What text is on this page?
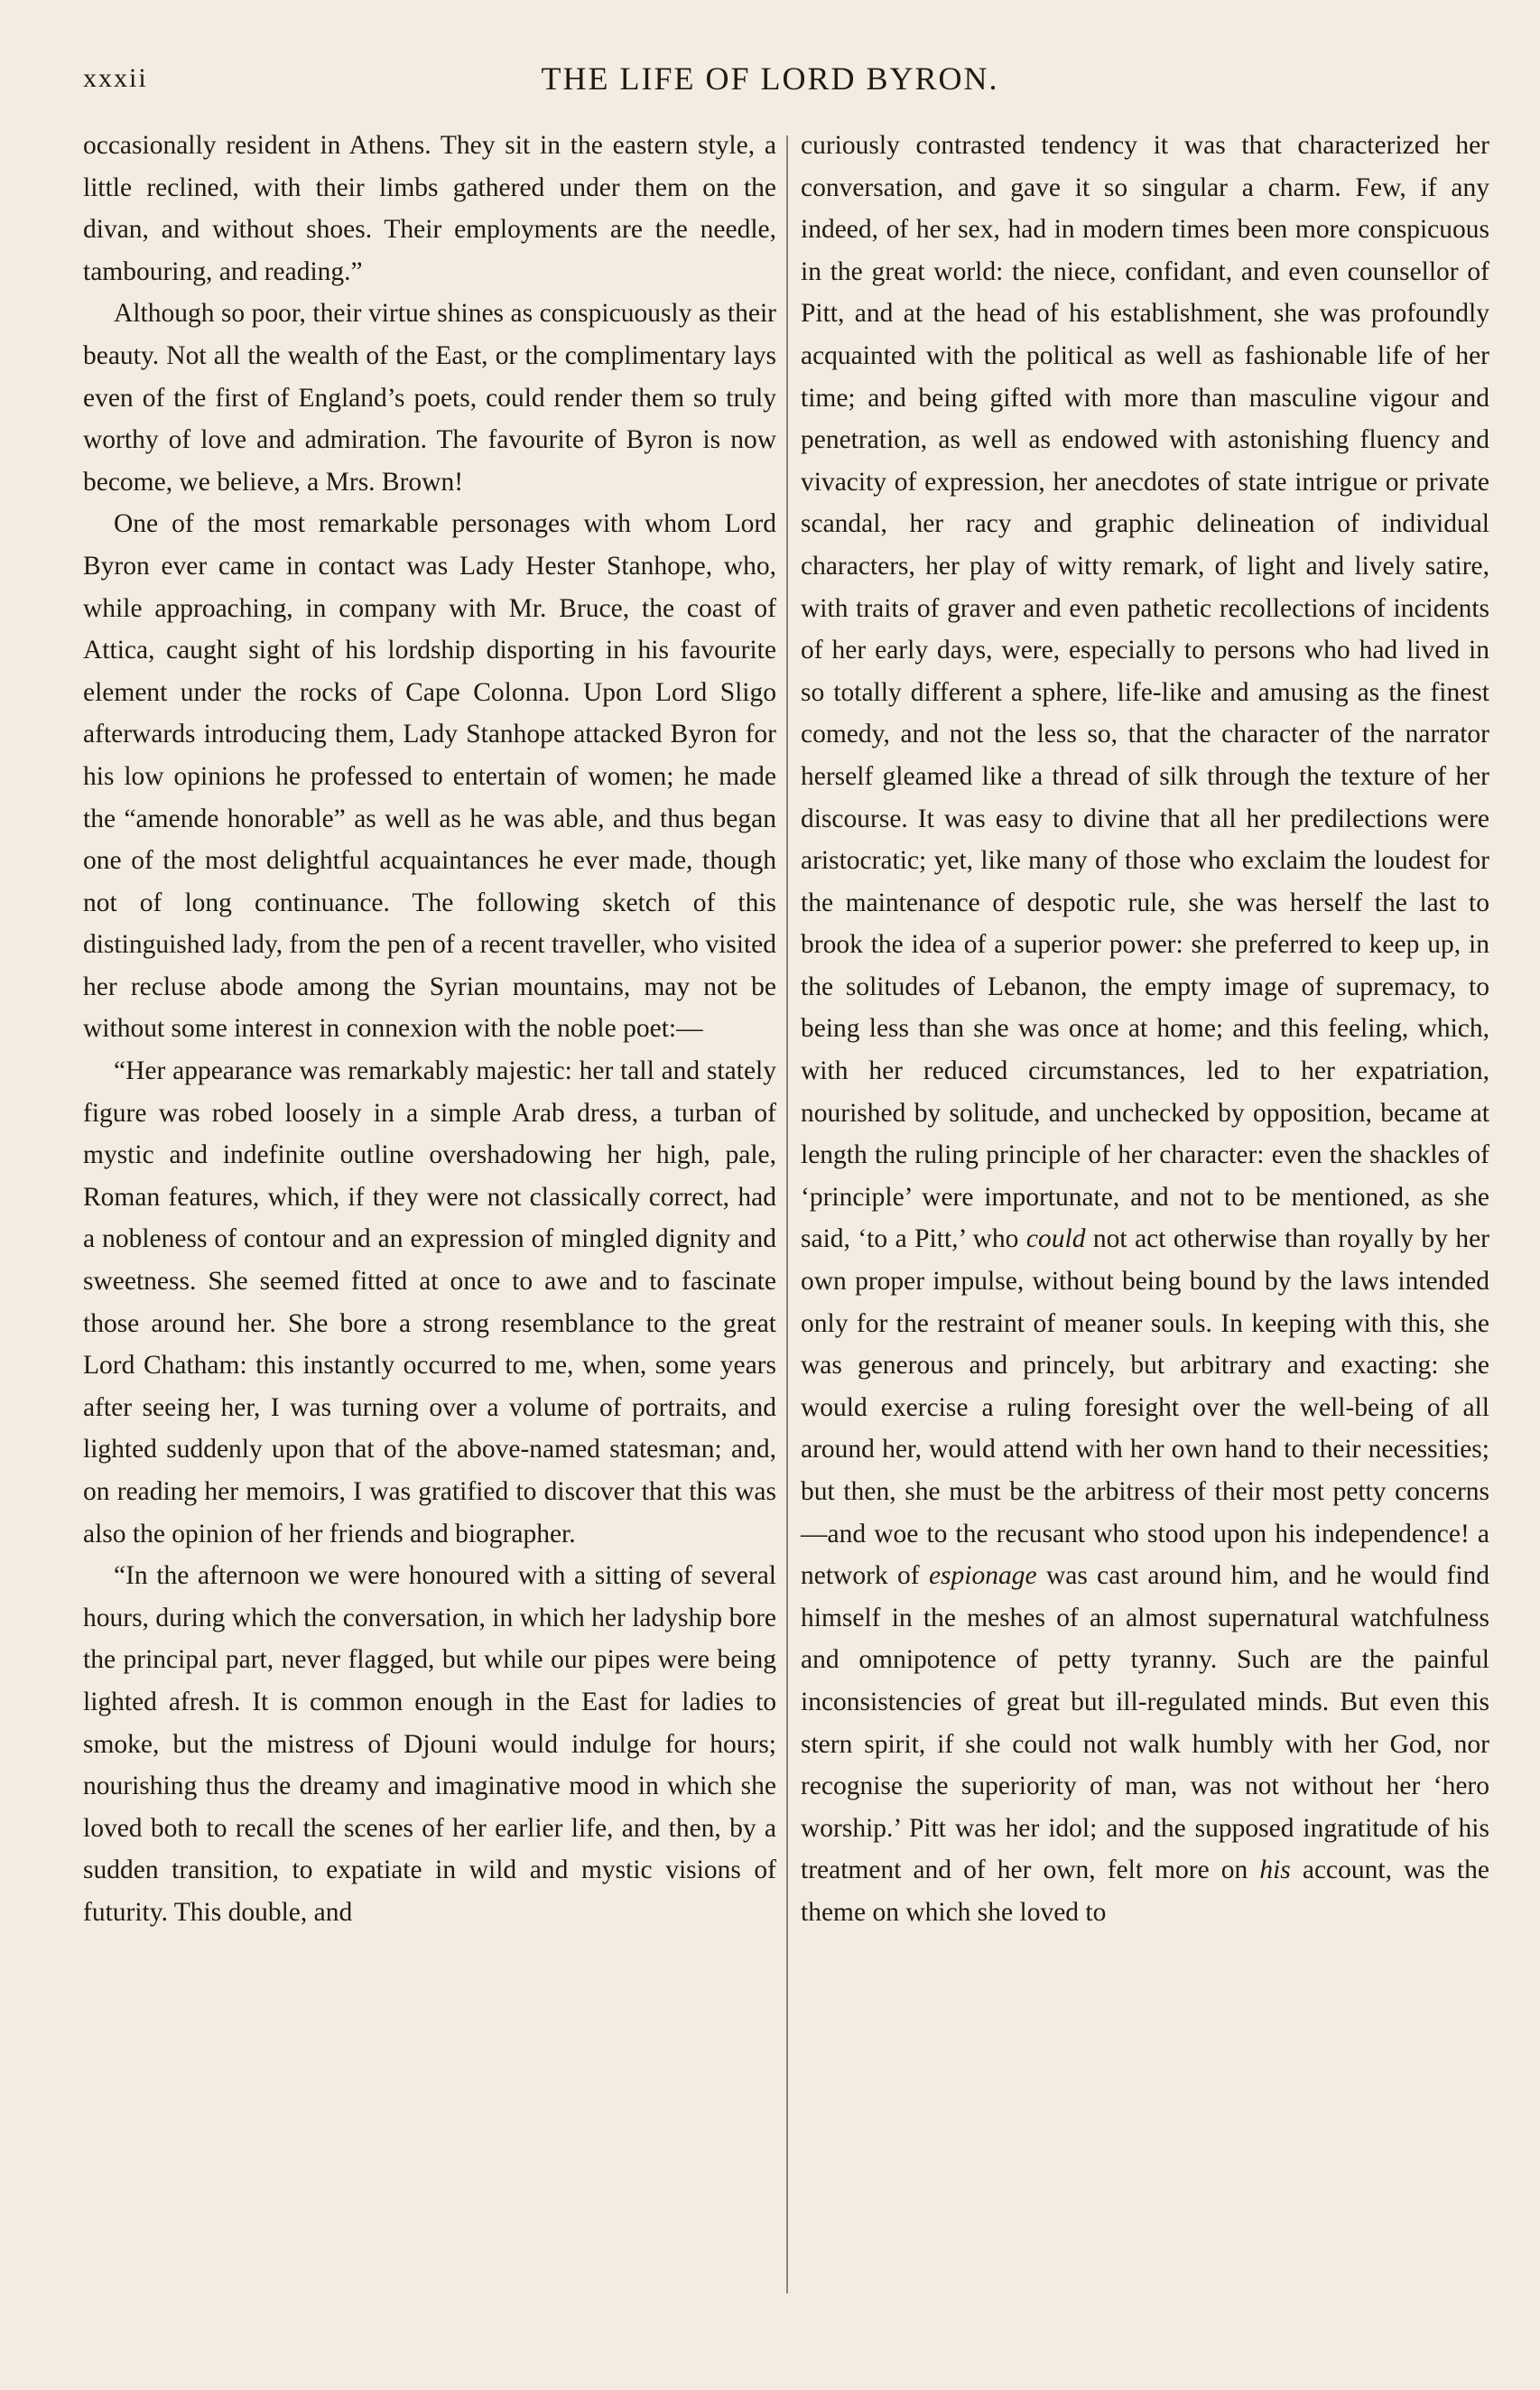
xxxii	THE LIFE OF LORD BYRON.

occasionally resident in Athens. They sit in the eastern style, a little reclined, with their limbs gathered under them on the divan, and without shoes. Their employments are the needle, tambouring, and reading.”

Although so poor, their virtue shines as conspicuously as their beauty. Not all the wealth of the East, or the complimentary lays even of the first of England’s poets, could render them so truly worthy of love and admiration. The favourite of Byron is now become, we believe, a Mrs. Brown!

One of the most remarkable personages with whom Lord Byron ever came in contact was Lady Hester Stanhope, who, while approaching, in company with Mr. Bruce, the coast of Attica, caught sight of his lordship disporting in his favourite element under the rocks of Cape Colonna. Upon Lord Sligo afterwards introducing them, Lady Stanhope attacked Byron for his low opinions he professed to entertain of women; he made the “amende honorable” as well as he was able, and thus began one of the most delightful acquaintances he ever made, though not of long continuance. The following sketch of this distinguished lady, from the pen of a recent traveller, who visited her recluse abode among the Syrian mountains, may not be without some interest in connexion with the noble poet:—

“Her appearance was remarkably majestic: her tall and stately figure was robed loosely in a simple Arab dress, a turban of mystic and indefinite outline overshadowing her high, pale, Roman features, which, if they were not classically correct, had a nobleness of contour and an expression of mingled dignity and sweetness. She seemed fitted at once to awe and to fascinate those around her. She bore a strong resemblance to the great Lord Chatham: this instantly occurred to me, when, some years after seeing her, I was turning over a volume of portraits, and lighted suddenly upon that of the above-named statesman; and, on reading her memoirs, I was gratified to discover that this was also the opinion of her friends and biographer.

“In the afternoon we were honoured with a sitting of several hours, during which the conversation, in which her ladyship bore the principal part, never flagged, but while our pipes were being lighted afresh. It is common enough in the East for ladies to smoke, but the mistress of Djouni would indulge for hours; nourishing thus the dreamy and imaginative mood in which she loved both to recall the scenes of her earlier life, and then, by a sudden transition, to expatiate in wild and mystic visions of futurity. This double, and

curiously contrasted tendency it was that characterized her conversation, and gave it so singular a charm. Few, if any indeed, of her sex, had in modern times been more conspicuous in the great world: the niece, confidant, and even counsellor of Pitt, and at the head of his establishment, she was profoundly acquainted with the political as well as fashionable life of her time; and being gifted with more than masculine vigour and penetration, as well as endowed with astonishing fluency and vivacity of expression, her anecdotes of state intrigue or private scandal, her racy and graphic delineation of individual characters, her play of witty remark, of light and lively satire, with traits of graver and even pathetic recollections of incidents of her early days, were, especially to persons who had lived in so totally different a sphere, life-like and amusing as the finest comedy, and not the less so, that the character of the narrator herself gleamed like a thread of silk through the texture of her discourse. It was easy to divine that all her predilections were aristocratic; yet, like many of those who exclaim the loudest for the maintenance of despotic rule, she was herself the last to brook the idea of a superior power: she preferred to keep up, in the solitudes of Lebanon, the empty image of supremacy, to being less than she was once at home; and this feeling, which, with her reduced circumstances, led to her expatriation, nourished by solitude, and unchecked by opposition, became at length the ruling principle of her character: even the shackles of ‘principle’ were importunate, and not to be mentioned, as she said, ‘to a Pitt,’ who could not act otherwise than royally by her own proper impulse, without being bound by the laws intended only for the restraint of meaner souls. In keeping with this, she was generous and princely, but arbitrary and exacting: she would exercise a ruling foresight over the well-being of all around her, would attend with her own hand to their necessities; but then, she must be the arbitress of their most petty concerns—and woe to the recusant who stood upon his independence! a network of espionage was cast around him, and he would find himself in the meshes of an almost supernatural watchfulness and omnipotence of petty tyranny. Such are the painful inconsistencies of great but ill-regulated minds. But even this stern spirit, if she could not walk humbly with her God, nor recognise the superiority of man, was not without her ‘hero worship.’ Pitt was her idol; and the supposed ingratitude of his treatment and of her own, felt more on his account, was the theme on which she loved to
